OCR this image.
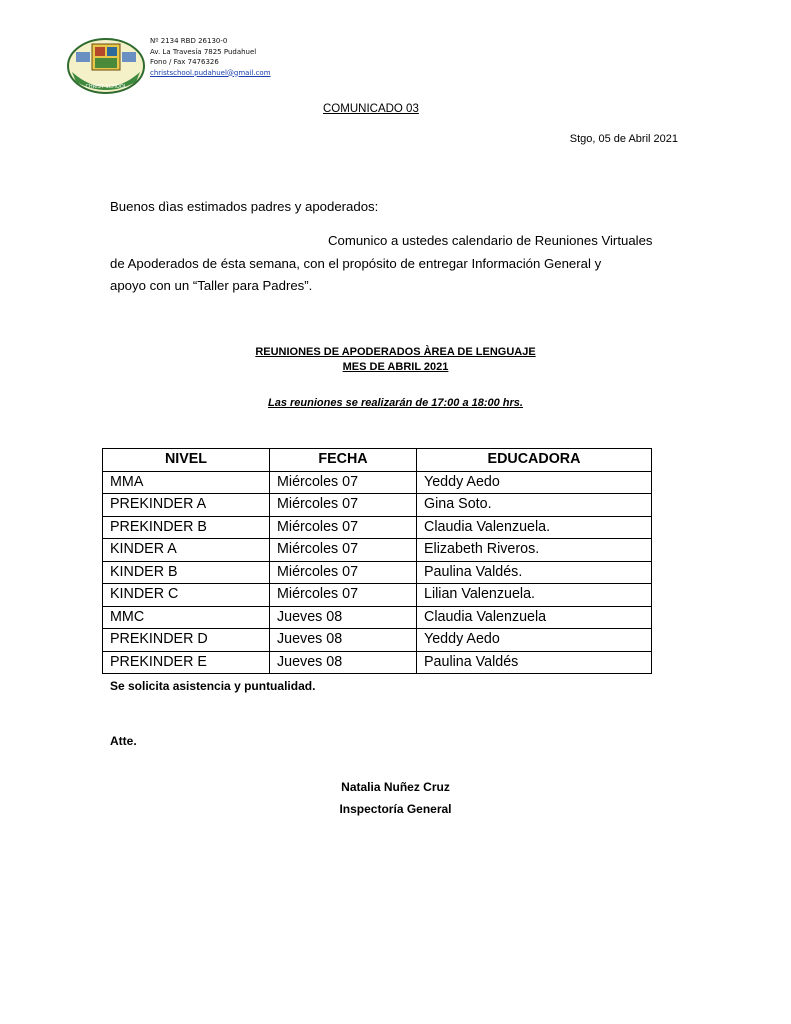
CHRIST SCHOOL
Nº 2134 RBD 26130-0
Av. La Travesía 7825 Pudahuel
Fono / Fax 7476326
christschool.pudahuel@gmail.com
COMUNICADO 03
Stgo, 05 de Abril 2021
Buenos dìas estimados padres y apoderados:
Comunico a ustedes calendario de Reuniones Virtuales
de Apoderados de ésta semana, con el propósito de entregar Información General y
apoyo con un “Taller para Padres”.
REUNIONES DE APODERADOS ÀREA DE LENGUAJE
MES DE ABRIL 2021
Las reuniones se realizarán de 17:00 a 18:00 hrs.
NIVEL	FECHA	EDUCADORA
MMA	Miércoles 07	Yeddy Aedo
PREKINDER A	Miércoles 07	Gina Soto.
PREKINDER B	Miércoles 07	Claudia Valenzuela.
KINDER A	Miércoles 07	Elizabeth Riveros.
KINDER B	Miércoles 07	Paulina Valdés.
KINDER C	Miércoles 07	Lilian Valenzuela.
MMC	Jueves 08	Claudia Valenzuela
PREKINDER D	Jueves 08	Yeddy Aedo
PREKINDER E	Jueves 08	Paulina Valdés
Se solicita asistencia y puntualidad.
Atte.
Natalia Nuñez Cruz
Inspectoría General
